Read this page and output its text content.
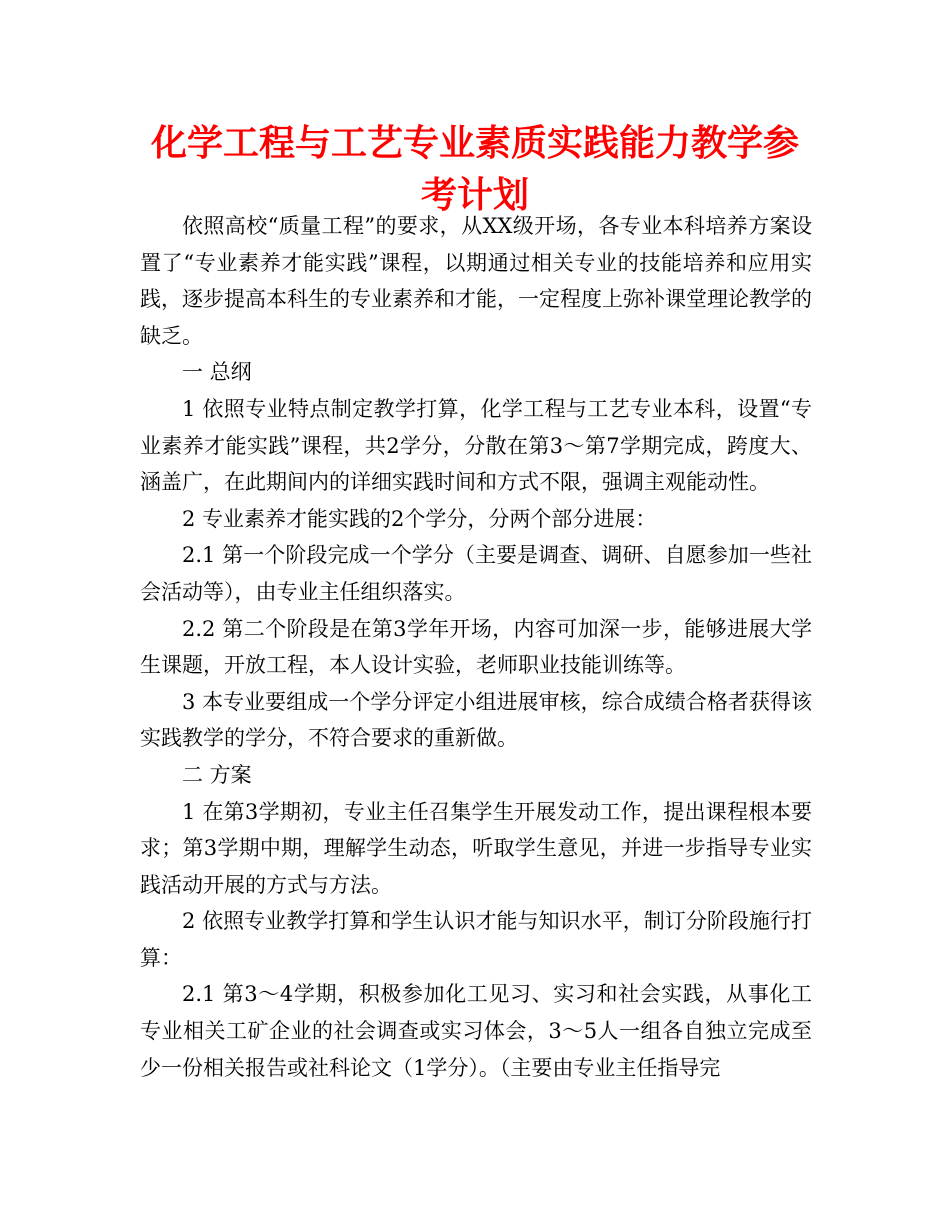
化学工程与工艺专业素质实践能力教学参考计划

依照高校“质量工程”的要求，从XX级开场，各专业本科培养方案设置了“专业素养才能实践”课程，以期通过相关专业的技能培养和应用实践，逐步提高本科生的专业素养和才能，一定程度上弥补课堂理论教学的缺乏。

一 总纲

1 依照专业特点制定教学打算，化学工程与工艺专业本科，设置“专业素养才能实践”课程，共2学分，分散在第3～第7学期完成，跨度大、涵盖广，在此期间内的详细实践时间和方式不限，强调主观能动性。

2 专业素养才能实践的2个学分，分两个部分进展：

2.1 第一个阶段完成一个学分（主要是调查、调研、自愿参加一些社会活动等），由专业主任组织落实。

2.2 第二个阶段是在第3学年开场，内容可加深一步，能够进展大学生课题，开放工程，本人设计实验，老师职业技能训练等。

3 本专业要组成一个学分评定小组进展审核，综合成绩合格者获得该实践教学的学分，不符合要求的重新做。

二 方案

1 在第3学期初，专业主任召集学生开展发动工作，提出课程根本要求；第3学期中期，理解学生动态，听取学生意见，并进一步指导专业实践活动开展的方式与方法。

2 依照专业教学打算和学生认识才能与知识水平，制订分阶段施行打算：

2.1 第3～4学期，积极参加化工见习、实习和社会实践，从事化工专业相关工矿企业的社会调查或实习体会，3～5人一组各自独立完成至少一份相关报告或社科论文（1学分）。（主要由专业主任指导完
